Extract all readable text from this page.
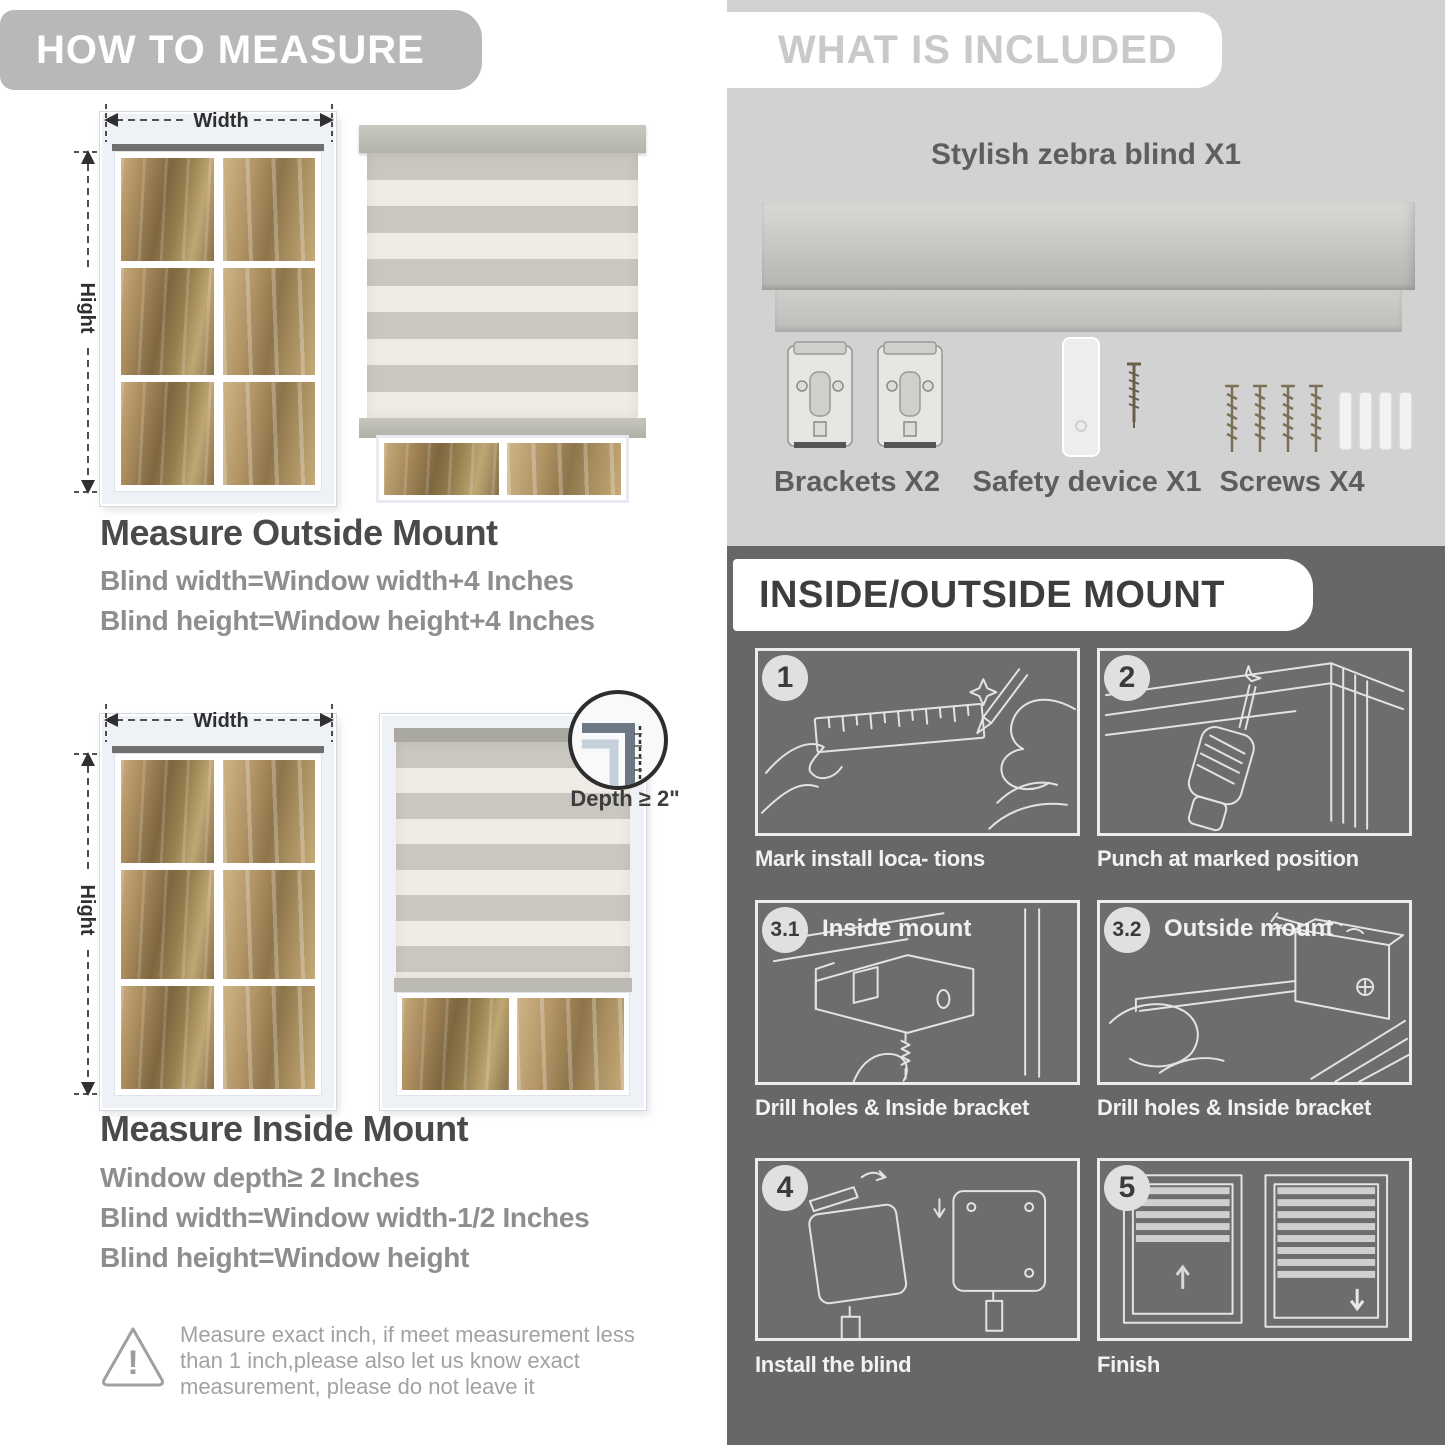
HOW TO MEASURE
Width
Hight
Measure Outside Mount
Blind width=Window width+4 Inches
Blind height=Window height+4 Inches
Depth ≥ 2"
Width
Hight
Measure Inside Mount
Window depth≥ 2 Inches
Blind width=Window width-1/2 Inches
Blind height=Window height
!
Measure exact inch, if meet measurement less than 1 inch,please also let us know exact measurement, please do not leave it
Stylish zebra blind X1
Brackets X2	Safety device X1 Screws X4
WHAT IS INCLUDED
INSIDE/OUTSIDE MOUNT
1
Mark install loca- tions
2
Punch at marked position
3.1 Inside mount
Drill holes & Inside bracket
3.2 Outside mount
Drill holes & Inside bracket
4
Install the blind
5
Finish
